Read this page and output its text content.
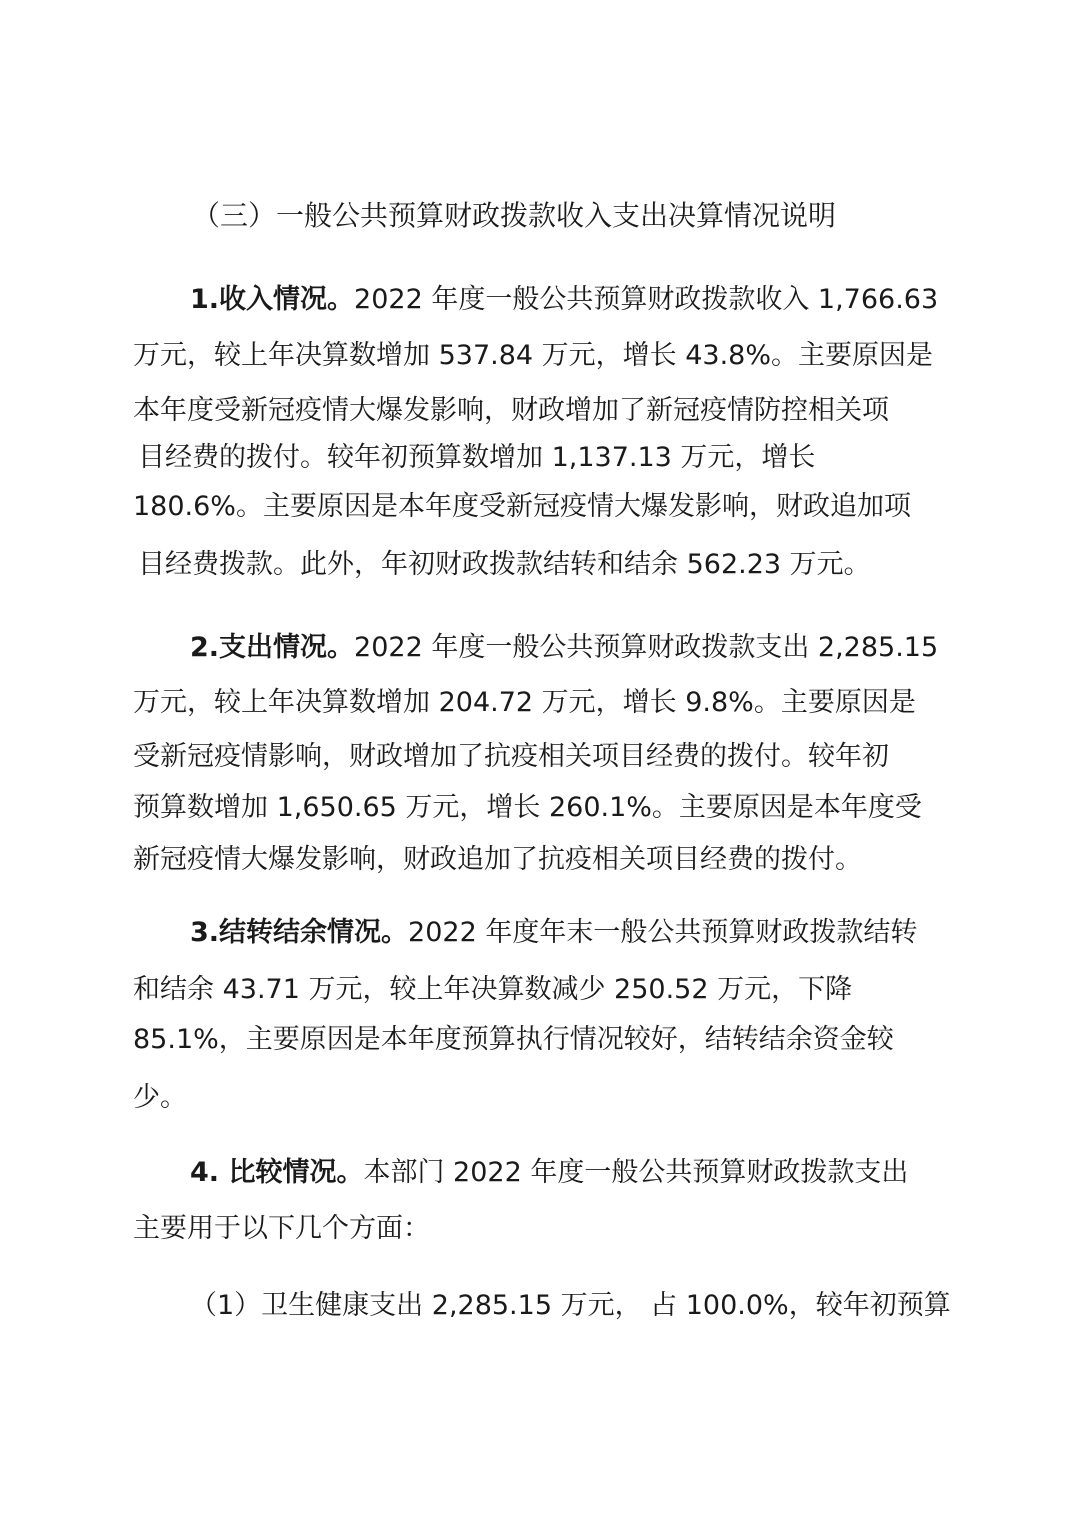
（三）一般公共预算财政拨款收入支出决算情况说明
1.收入情况。2022 年度一般公共预算财政拨款收入 1,766.63
万元，较上年决算数增加 537.84 万元，增长 43.8%。主要原因是
本年度受新冠疫情大爆发影响，财政增加了新冠疫情防控相关项
目经费的拨付。较年初预算数增加 1,137.13 万元，增长
180.6%。主要原因是本年度受新冠疫情大爆发影响，财政追加项
目经费拨款。此外，年初财政拨款结转和结余 562.23 万元。
2.支出情况。2022 年度一般公共预算财政拨款支出 2,285.15
万元，较上年决算数增加 204.72 万元，增长 9.8%。主要原因是
受新冠疫情影响，财政增加了抗疫相关项目经费的拨付。较年初
预算数增加 1,650.65 万元，增长 260.1%。主要原因是本年度受
新冠疫情大爆发影响，财政追加了抗疫相关项目经费的拨付。
3.结转结余情况。2022 年度年末一般公共预算财政拨款结转
和结余 43.71 万元，较上年决算数减少 250.52 万元，下降
85.1%，主要原因是本年度预算执行情况较好，结转结余资金较
少。
4. 比较情况。本部门 2022 年度一般公共预算财政拨款支出
主要用于以下几个方面：
（1）卫生健康支出 2,285.15 万元， 占 100.0%，较年初预算
